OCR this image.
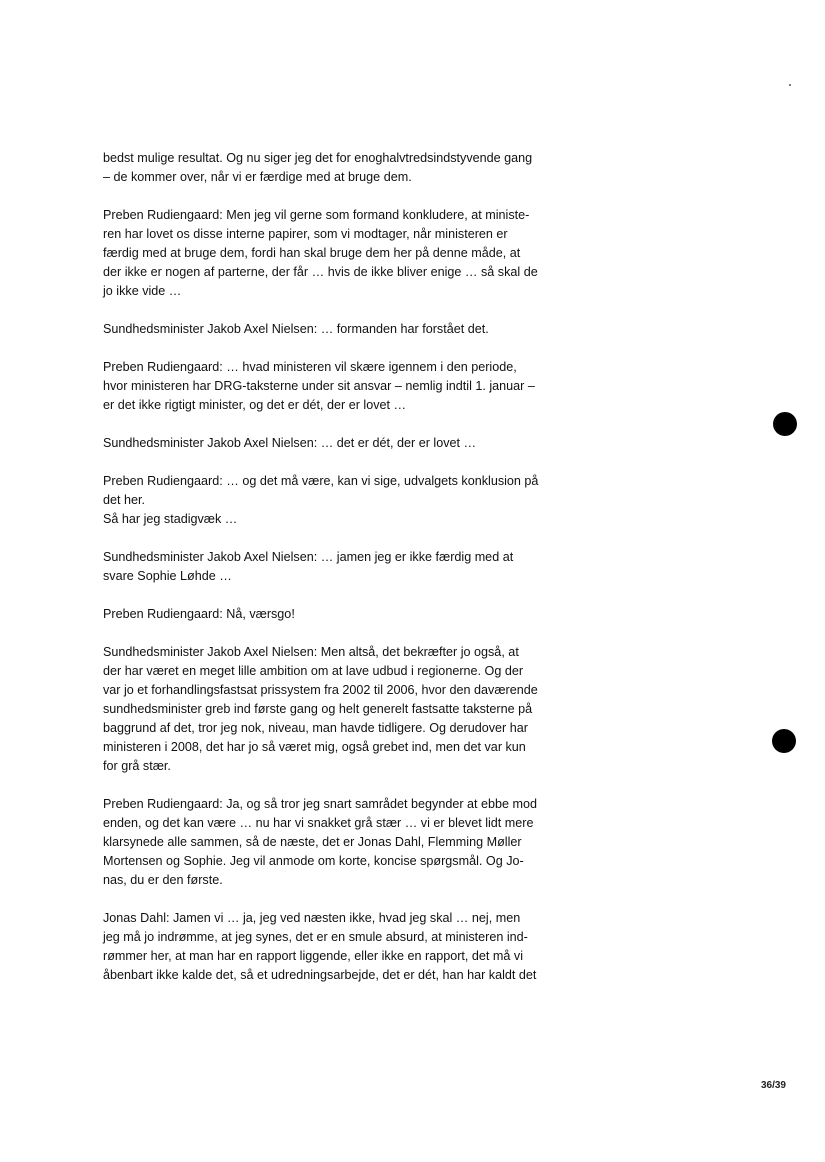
bedst mulige resultat. Og nu siger jeg det for enoghalvtredsindstyvende gang
– de kommer over, når vi er færdige med at bruge dem.

Preben Rudiengaard: Men jeg vil gerne som formand konkludere, at ministe-
ren har lovet os disse interne papirer, som vi modtager, når ministeren er
færdig med at bruge dem, fordi han skal bruge dem her på denne måde, at
der ikke er nogen af parterne, der får … hvis de ikke bliver enige … så skal de
jo ikke vide …

Sundhedsminister Jakob Axel Nielsen: … formanden har forstået det.

Preben Rudiengaard: … hvad ministeren vil skære igennem i den periode,
hvor ministeren har DRG-taksterne under sit ansvar – nemlig indtil 1. januar –
er det ikke rigtigt minister, og det er dét, der er lovet …

Sundhedsminister Jakob Axel Nielsen: … det er dét, der er lovet …

Preben Rudiengaard: … og det må være, kan vi sige, udvalgets konklusion på
det her.
Så har jeg stadigvæk …

Sundhedsminister Jakob Axel Nielsen: … jamen jeg er ikke færdig med at
svare Sophie Løhde …

Preben Rudiengaard: Nå, værsgo!

Sundhedsminister Jakob Axel Nielsen: Men altså, det bekræfter jo også, at
der har været en meget lille ambition om at lave udbud i regionerne. Og der
var jo et forhandlingsfastsat prissystem fra 2002 til 2006, hvor den daværende
sundhedsminister greb ind første gang og helt generelt fastsatte taksterne på
baggrund af det, tror jeg nok, niveau, man havde tidligere. Og derudover har
ministeren i 2008, det har jo så været mig, også grebet ind, men det var kun
for grå stær.

Preben Rudiengaard: Ja, og så tror jeg snart samrådet begynder at ebbe mod
enden, og det kan være … nu har vi snakket grå stær … vi er blevet lidt mere
klarsynede alle sammen, så de næste, det er Jonas Dahl, Flemming Møller
Mortensen og Sophie. Jeg vil anmode om korte, koncise spørgsmål. Og Jo-
nas, du er den første.

Jonas Dahl: Jamen vi … ja, jeg ved næsten ikke, hvad jeg skal … nej, men
jeg må jo indrømme, at jeg synes, det er en smule absurd, at ministeren ind-
rømmer her, at man har en rapport liggende, eller ikke en rapport, det må vi
åbenbart ikke kalde det, så et udredningsarbejde, det er dét, han har kaldt det

36/39
